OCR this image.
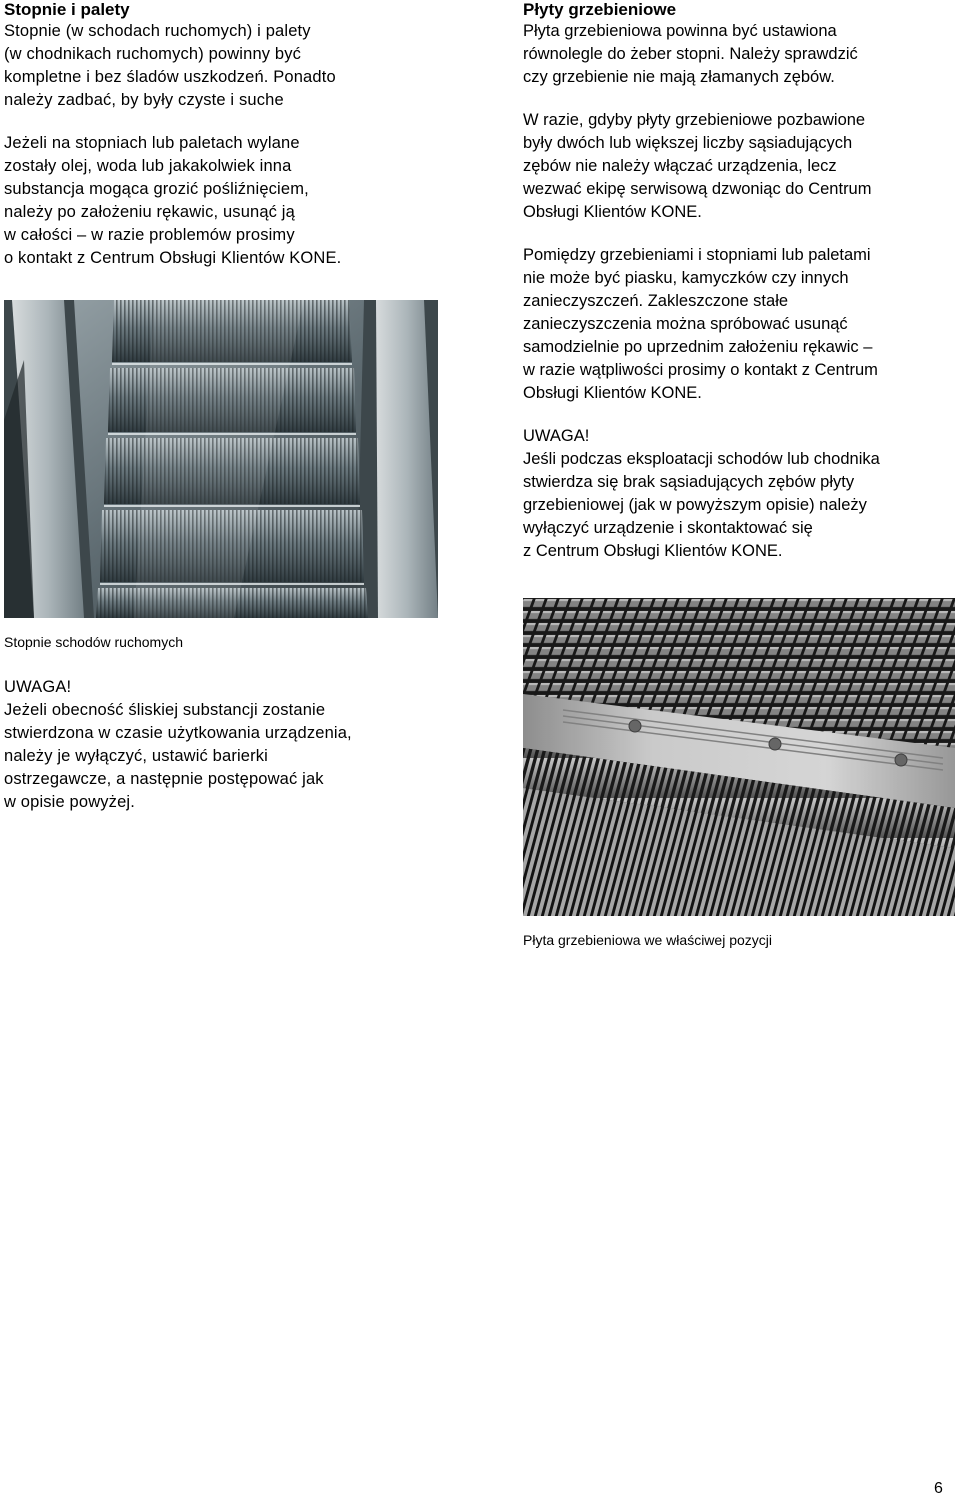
Stopnie i palety

Stopnie (w schodach ruchomych) i palety
(w chodnikach ruchomych) powinny być
kompletne i bez śladów uszkodzeń. Ponadto
należy zadbać, by były czyste i suche

Jeżeli na stopniach lub paletach wylane
zostały olej, woda lub jakakolwiek inna
substancja mogąca grozić pośliźnięciem,
należy po założeniu rękawic, usunąć ją
w całości – w razie problemów prosimy
o kontakt z Centrum Obsługi Klientów KONE.

Stopnie schodów ruchomych

UWAGA!

Jeżeli obecność śliskiej substancji zostanie
stwierdzona w czasie użytkowania urządzenia,
należy je wyłączyć, ustawić barierki
ostrzegawcze, a następnie postępować jak
w opisie powyżej.

Płyty grzebieniowe

Płyta grzebieniowa powinna być ustawiona
równolegle do żeber stopni. Należy sprawdzić
czy grzebienie nie mają złamanych zębów.

W razie, gdyby płyty grzebieniowe pozbawione
były dwóch lub większej liczby sąsiadujących
zębów nie należy włączać urządzenia, lecz
wezwać ekipę serwisową dzwoniąc do Centrum
Obsługi Klientów KONE.

Pomiędzy grzebieniami i stopniami lub paletami
nie może być piasku, kamyczków czy innych
zanieczyszczeń. Zakleszczone stałe
zanieczyszczenia można spróbować usunąć
samodzielnie po uprzednim założeniu rękawic –
w razie wątpliwości prosimy o kontakt z Centrum
Obsługi Klientów KONE.

UWAGA!

Jeśli podczas eksploatacji schodów lub chodnika
stwierdza się brak sąsiadujących zębów płyty
grzebieniowej (jak w powyższym opisie) należy
wyłączyć urządzenie i skontaktować się
z Centrum Obsługi Klientów KONE.

Płyta grzebieniowa we właściwej pozycji
6
